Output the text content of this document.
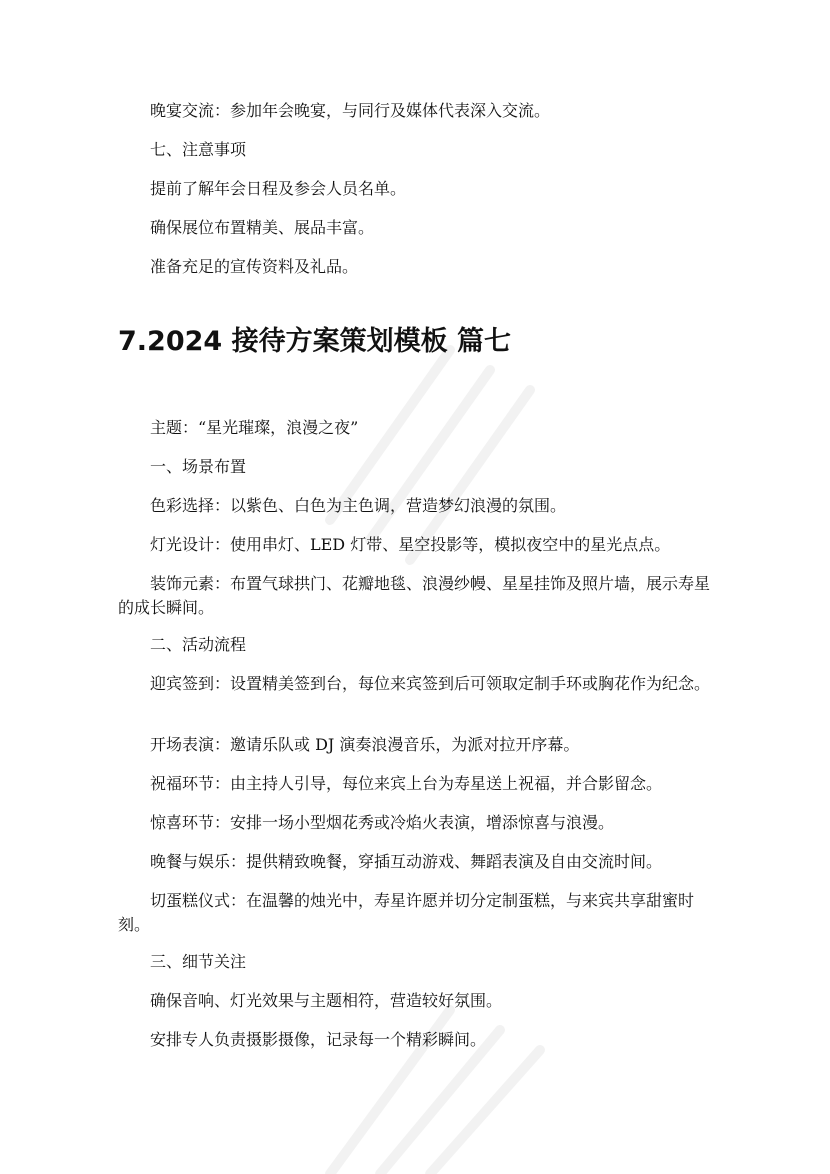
晚宴交流：参加年会晚宴，与同行及媒体代表深入交流。

七、注意事项

提前了解年会日程及参会人员名单。

确保展位布置精美、展品丰富。

准备充足的宣传资料及礼品。

7.2024 接待方案策划模板 篇七

主题：“星光璀璨，浪漫之夜”

一、场景布置

色彩选择：以紫色、白色为主色调，营造梦幻浪漫的氛围。

灯光设计：使用串灯、LED 灯带、星空投影等，模拟夜空中的星光点点。

装饰元素：布置气球拱门、花瓣地毯、浪漫纱幔、星星挂饰及照片墙，展示寿星的成长瞬间。

二、活动流程

迎宾签到：设置精美签到台，每位来宾签到后可领取定制手环或胸花作为纪念。

开场表演：邀请乐队或 DJ 演奏浪漫音乐，为派对拉开序幕。

祝福环节：由主持人引导，每位来宾上台为寿星送上祝福，并合影留念。

惊喜环节：安排一场小型烟花秀或冷焰火表演，增添惊喜与浪漫。

晚餐与娱乐：提供精致晚餐，穿插互动游戏、舞蹈表演及自由交流时间。

切蛋糕仪式：在温馨的烛光中，寿星许愿并切分定制蛋糕，与来宾共享甜蜜时刻。

三、细节关注

确保音响、灯光效果与主题相符，营造较好氛围。

安排专人负责摄影摄像，记录每一个精彩瞬间。
